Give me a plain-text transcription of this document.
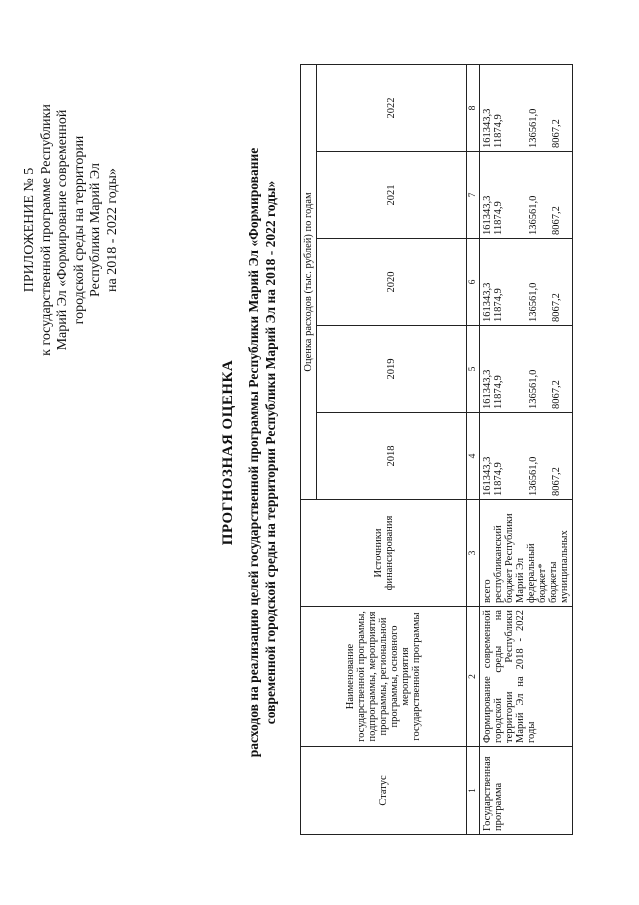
ПРИЛОЖЕНИЕ № 5 к государственной программе Республики Марий Эл «Формирование современной городской среды на территории Республики Марий Эл на 2018 - 2022 годы»
ПРОГНОЗНАЯ ОЦЕНКА расходов на реализацию целей государственной программы Республики Марий Эл «Формирование современной городской среды на территории Республики Марий Эл на 2018 - 2022 годы»
Статус	Наименование государственной программы, подпрограммы, мероприятия программы, региональной программы, основного мероприятия государственной программы	Источники финансирования	Оценка расходов (тыс. рублей) по годам				
			2018	2019	2020	2021	2022
1	2	3	4	5	6	7	8
Государственная программа	Формирование современной городской среды на территории Республики Марий Эл на 2018 - 2022 годы	всего республиканский бюджет Республики Марий Эл федеральный бюджет* бюджеты муниципальных	161343,3 11874,9 136561,0 8067,2	161343,3 11874,9 136561,0 8067,2	161343,3 11874,9 136561,0 8067,2	161343,3 11874,9 136561,0 8067,2	161343,3 11874,9 136561,0 8067,2
